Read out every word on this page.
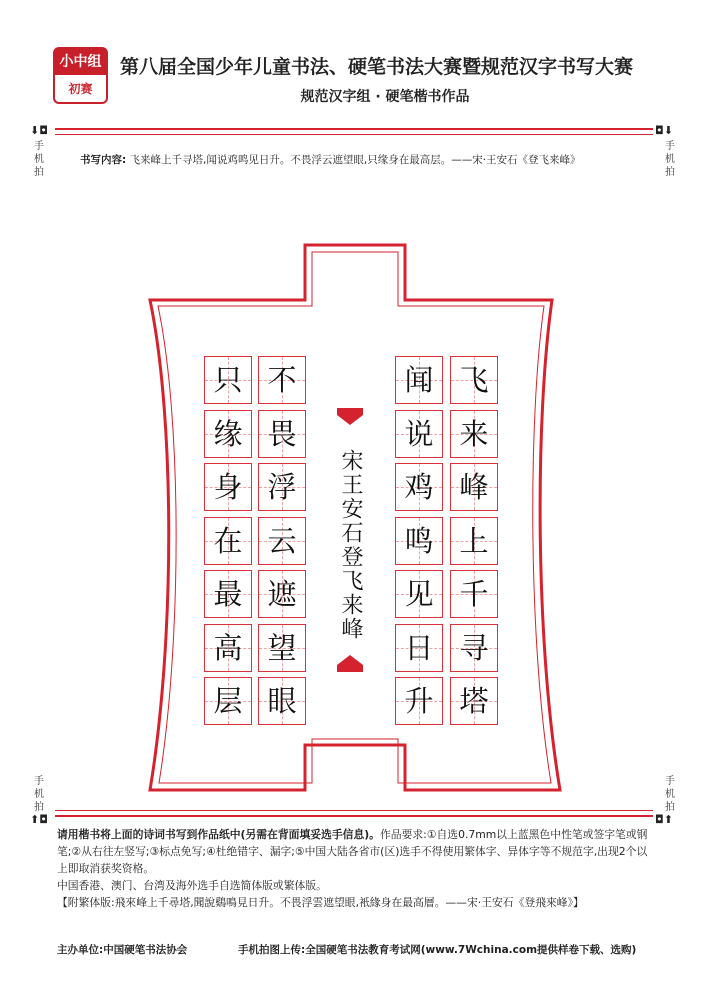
小中组
初赛
第八届全国少年儿童书法、硬笔书法大赛暨规范汉字书写大赛
规范汉字组 · 硬笔楷书作品
⬇◘	◘⬇
手机拍
手机拍
书写内容: 飞来峰上千寻塔,闻说鸡鸣见日升。不畏浮云遮望眼,只缘身在最高层。——宋·王安石《登飞来峰》
飞
来
峰
上
千
寻
塔
闻
说
鸡
鸣
见
日
升
不
畏
浮
云
遮
望
眼
只
缘
身
在
最
高
层
宋王安石登飞来峰
手机拍
手机拍
⬆◘	◘⬆
请用楷书将上面的诗词书写到作品纸中(另需在背面填妥选手信息)。作品要求:①自选0.7mm以上蓝黑色中性笔或签字笔或钢笔;②从右往左竖写;③标点免写;④杜绝错字、漏字;⑤中国大陆各省市(区)选手不得使用繁体字、异体字等不规范字,出现2个以上即取消获奖资格。
中国香港、澳门、台湾及海外选手自选简体版或繁体版。
【附繁体版:飛來峰上千尋塔,聞說鷄鳴見日升。不畏浮雲遮望眼,衹緣身在最高層。——宋·王安石《登飛來峰》】
主办单位:中国硬笔书法协会	手机拍图上传:全国硬笔书法教育考试网(www.7Wchina.com提供样卷下载、选购)
